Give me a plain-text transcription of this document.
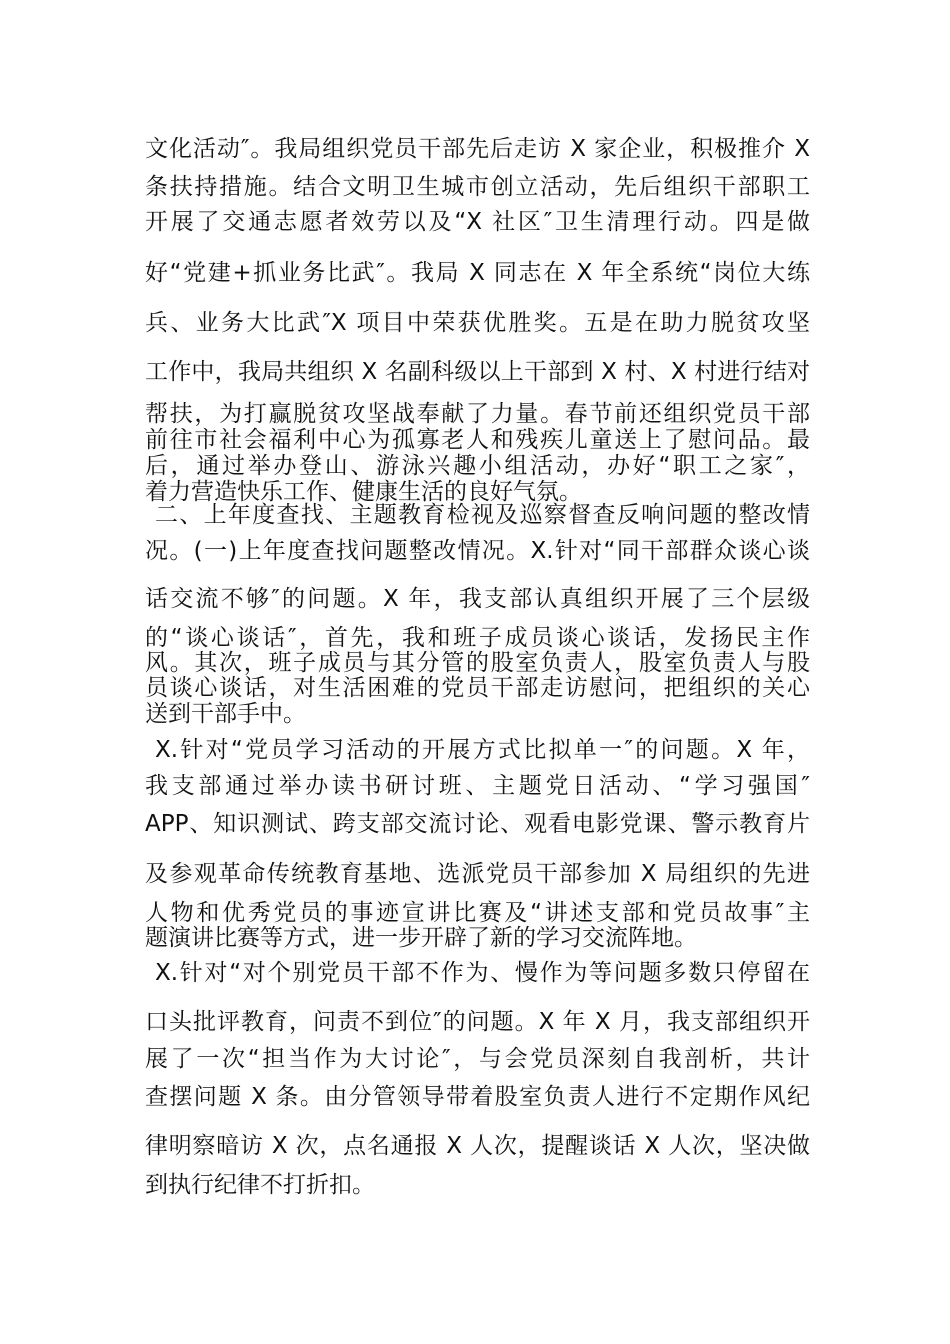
文化活动″。我局组织党员干部先后走访 X 家企业，积极推介 X
条扶持措施。结合文明卫生城市创立活动，先后组织干部职工
开展了交通志愿者效劳以及“X 社区″卫生清理行动。四是做
好“党建+抓业务比武″。我局 X 同志在 X 年全系统“岗位大练
兵、业务大比武″X 项目中荣获优胜奖。五是在助力脱贫攻坚
工作中，我局共组织 X 名副科级以上干部到 X 村、X 村进行结对
帮扶，为打赢脱贫攻坚战奉献了力量。春节前还组织党员干部
前往市社会福利中心为孤寡老人和残疾儿童送上了慰问品。最
后，通过举办登山、游泳兴趣小组活动，办好“职工之家″，
着力营造快乐工作、健康生活的良好气氛。
二、上年度查找、主题教育检视及巡察督查反响问题的整改情
况。(一)上年度查找问题整改情况。X.针对“同干部群众谈心谈
话交流不够″的问题。X 年，我支部认真组织开展了三个层级
的“谈心谈话″，首先，我和班子成员谈心谈话，发扬民主作
风。其次，班子成员与其分管的股室负责人，股室负责人与股
员谈心谈话，对生活困难的党员干部走访慰问，把组织的关心
送到干部手中。
X.针对“党员学习活动的开展方式比拟单一″的问题。X 年，
我支部通过举办读书研讨班、主题党日活动、“学习强国″
APP、知识测试、跨支部交流讨论、观看电影党课、警示教育片
及参观革命传统教育基地、选派党员干部参加 X 局组织的先进
人物和优秀党员的事迹宣讲比赛及“讲述支部和党员故事″主
题演讲比赛等方式，进一步开辟了新的学习交流阵地。
X.针对“对个别党员干部不作为、慢作为等问题多数只停留在
口头批评教育，问责不到位″的问题。X 年 X 月，我支部组织开
展了一次“担当作为大讨论″，与会党员深刻自我剖析，共计
查摆问题 X 条。由分管领导带着股室负责人进行不定期作风纪
律明察暗访 X 次，点名通报 X 人次，提醒谈话 X 人次，坚决做
到执行纪律不打折扣。
